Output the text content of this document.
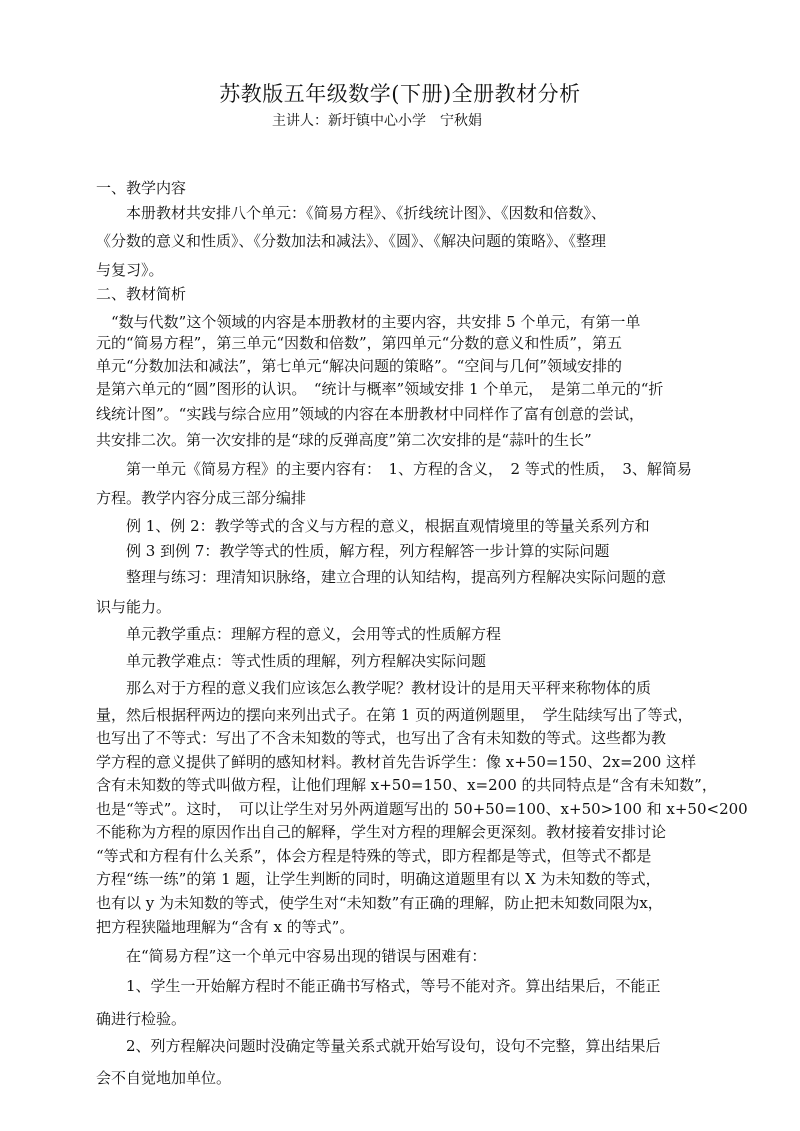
苏教版五年级数学(下册)全册教材分析
主讲人：新圩镇中心小学　宁秋娟
一、教学内容
　　本册教材共安排八个单元：《简易方程》、《折线统计图》、《因数和倍数》、
《分数的意义和性质》、《分数加法和减法》、《圆》、《解决问题的策略》、《整理
与复习》。
二、教材简析
　“数与代数”这个领域的内容是本册教材的主要内容，共安排 5 个单元，有第一单
元的“简易方程”，第三单元“因数和倍数”，第四单元“分数的意义和性质”，第五
单元“分数加法和减法”，第七单元“解决问题的策略”。“空间与几何”领域安排的
是第六单元的“圆”图形的认识。　“统计与概率”领域安排 1 个单元，　是第二单元的“折
线统计图”。“实践与综合应用”领域的内容在本册教材中同样作了富有创意的尝试，
共安排二次。第一次安排的是“球的反弹高度”第二次安排的是“蒜叶的生长”
　　第一单元《简易方程》的主要内容有：　1、方程的含义，　2 等式的性质，　3、解简易
方程。教学内容分成三部分编排
　　例 1、例 2：教学等式的含义与方程的意义，根据直观情境里的等量关系列方和
　　例 3 到例 7：教学等式的性质，解方程，列方程解答一步计算的实际问题
　　整理与练习：理清知识脉络，建立合理的认知结构，提高列方程解决实际问题的意
识与能力。
　　单元教学重点：理解方程的意义，会用等式的性质解方程
　　单元教学难点：等式性质的理解，列方程解决实际问题
　　那么对于方程的意义我们应该怎么教学呢？教材设计的是用天平秤来称物体的质
量，然后根据秤两边的摆向来列出式子。在第 1 页的两道例题里，　学生陆续写出了等式，
也写出了不等式：写出了不含未知数的等式，也写出了含有未知数的等式。这些都为教
学方程的意义提供了鲜明的感知材料。教材首先告诉学生：像 x+50=150、2x=200 这样
含有未知数的等式叫做方程，让他们理解 x+50=150、x=200 的共同特点是“含有未知数”，
也是“等式”。这时，　可以让学生对另外两道题写出的 50+50=100、x+50>100 和 x+50<200
不能称为方程的原因作出自己的解释，学生对方程的理解会更深刻。教材接着安排讨论
“等式和方程有什么关系”，体会方程是特殊的等式，即方程都是等式，但等式不都是
方程“练一练”的第 1 题，让学生判断的同时，明确这道题里有以 X 为未知数的等式，
也有以 y 为未知数的等式，使学生对“未知数”有正确的理解，防止把未知数同限为x，
把方程狭隘地理解为“含有 x 的等式”。
　　在“简易方程”这一个单元中容易出现的错误与困难有：
　　1、学生一开始解方程时不能正确书写格式，等号不能对齐。算出结果后，不能正
确进行检验。
　　2、列方程解决问题时没确定等量关系式就开始写设句，设句不完整，算出结果后
会不自觉地加单位。
